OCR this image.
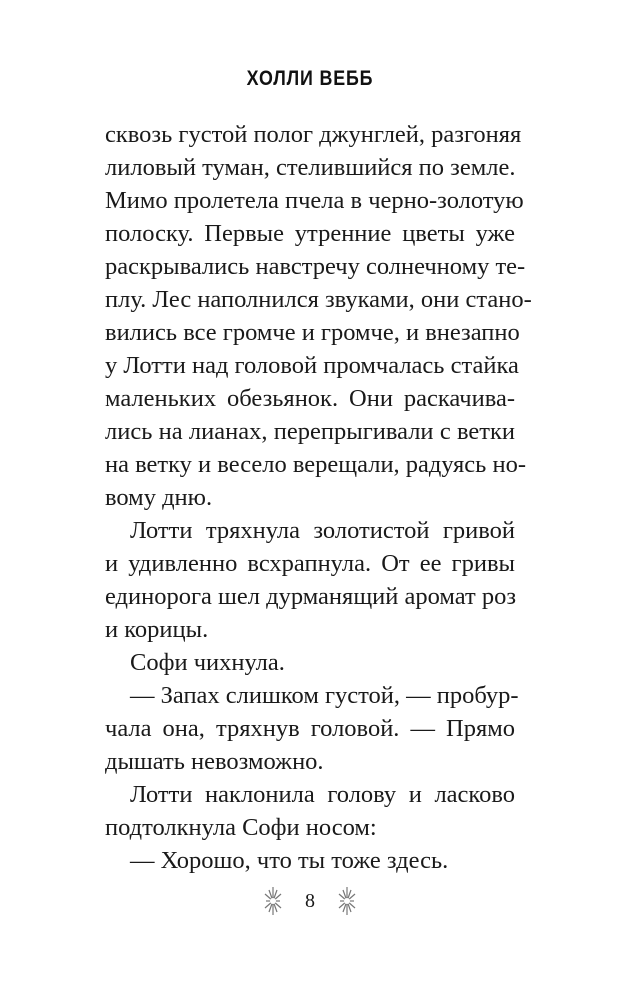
ХОЛЛИ ВЕББ
сквозь густой полог джунглей, разгоняя
лиловый туман, стелившийся по земле.
Мимо пролетела пчела в черно-золотую
полоску. Первые утренние цветы уже
раскрывались навстречу солнечному те-
плу. Лес наполнился звуками, они стано-
вились все громче и громче, и внезапно
у Лотти над головой промчалась стайка
маленьких обезьянок. Они раскачива-
лись на лианах, перепрыгивали с ветки
на ветку и весело верещали, радуясь но-
вому дню.
Лотти тряхнула золотистой гривой
и удивленно всхрапнула. От ее гривы
единорога шел дурманящий аромат роз
и корицы.
Софи чихнула.
— Запах слишком густой, — пробур-
чала она, тряхнув головой. — Прямо
дышать невозможно.
Лотти наклонила голову и ласково
подтолкнула Софи носом:
— Хорошо, что ты тоже здесь.
8
